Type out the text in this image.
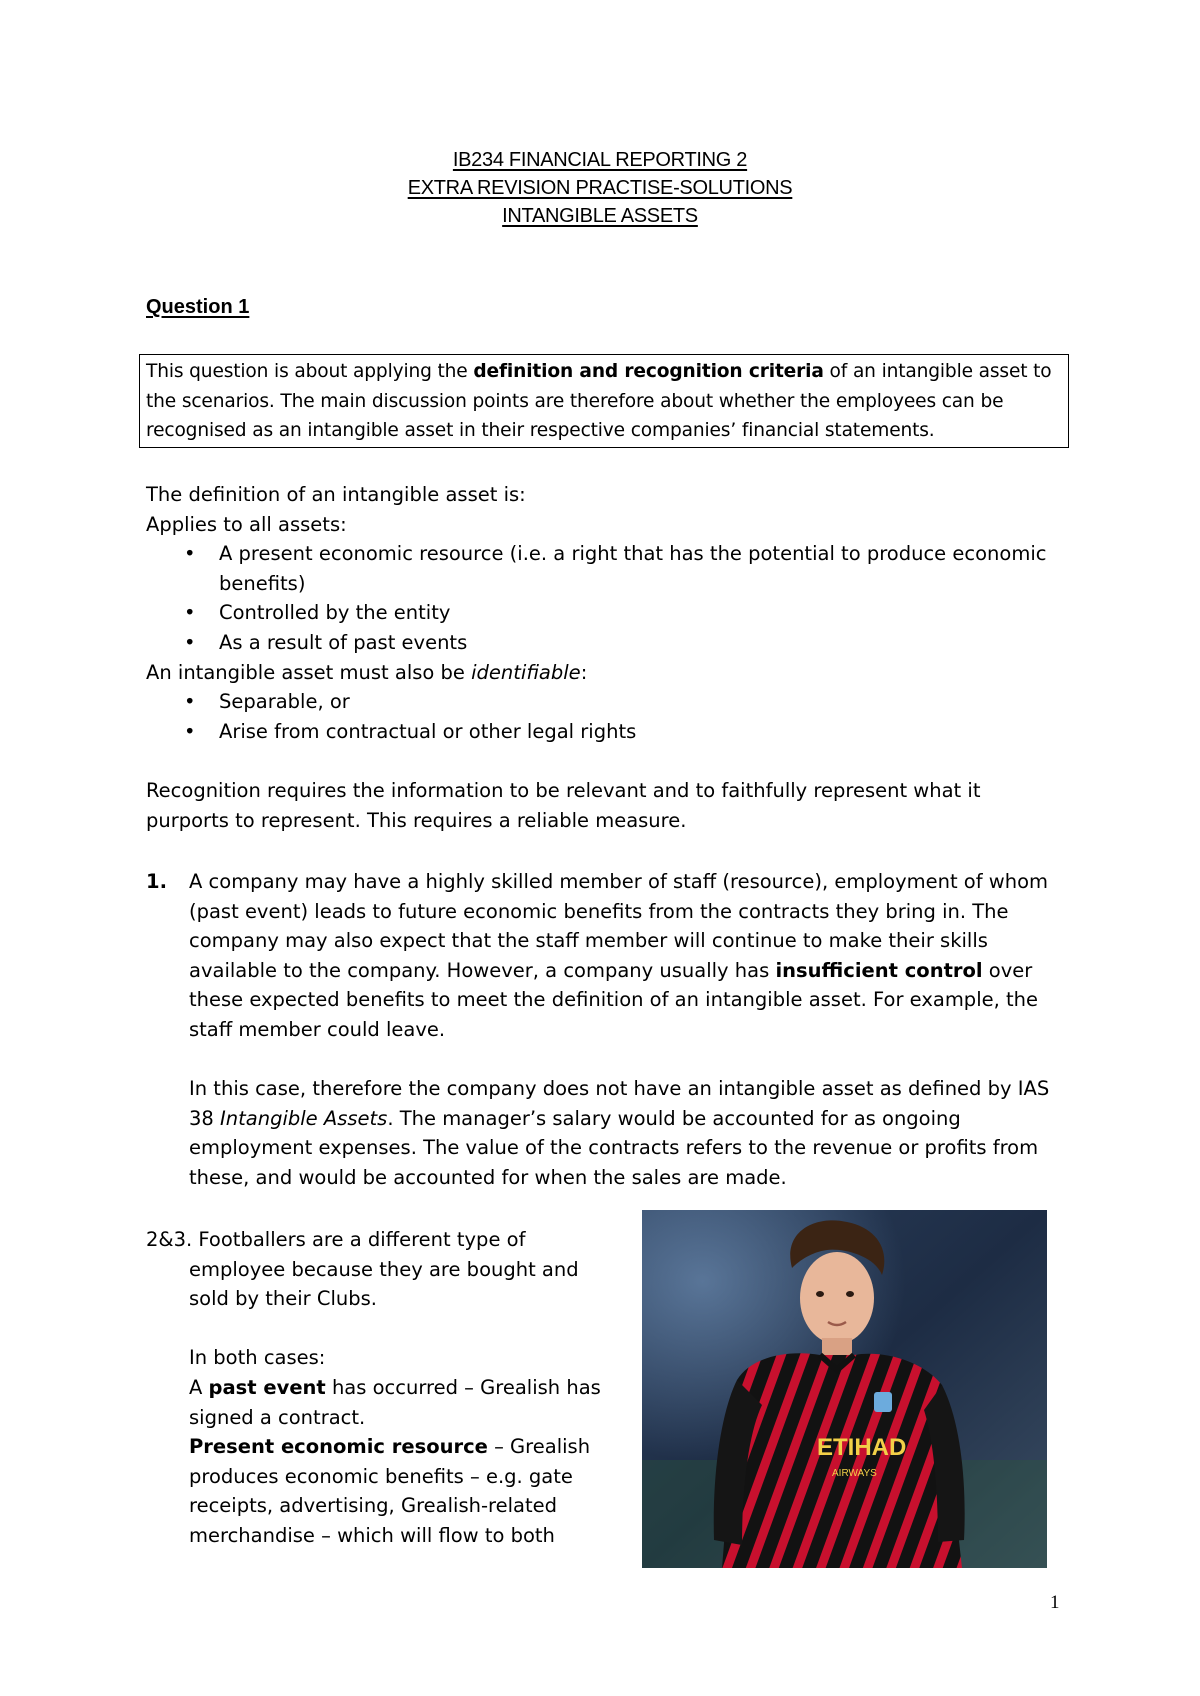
IB234 FINANCIAL REPORTING 2
EXTRA REVISION PRACTISE-SOLUTIONS
INTANGIBLE ASSETS
Question 1
This question is about applying the definition and recognition criteria of an intangible asset to the scenarios. The main discussion points are therefore about whether the employees can be recognised as an intangible asset in their respective companies’ financial statements.
The definition of an intangible asset is:
Applies to all assets:
• A present economic resource (i.e. a right that has the potential to produce economic benefits)
• Controlled by the entity
• As a result of past events
An intangible asset must also be identifiable:
• Separable, or
• Arise from contractual or other legal rights
Recognition requires the information to be relevant and to faithfully represent what it purports to represent. This requires a reliable measure.
1. A company may have a highly skilled member of staff (resource), employment of whom (past event) leads to future economic benefits from the contracts they bring in. The company may also expect that the staff member will continue to make their skills available to the company. However, a company usually has insufficient control over these expected benefits to meet the definition of an intangible asset. For example, the staff member could leave.
In this case, therefore the company does not have an intangible asset as defined by IAS 38 Intangible Assets. The manager’s salary would be accounted for as ongoing employment expenses. The value of the contracts refers to the revenue or profits from these, and would be accounted for when the sales are made.
2&3. Footballers are a different type of
employee because they are bought and sold by their Clubs.
In both cases:
A past event has occurred – Grealish has signed a contract.
Present economic resource – Grealish produces economic benefits – e.g. gate receipts, advertising, Grealish-related merchandise – which will flow to both
ETIHAD
AIRWAYS
1
